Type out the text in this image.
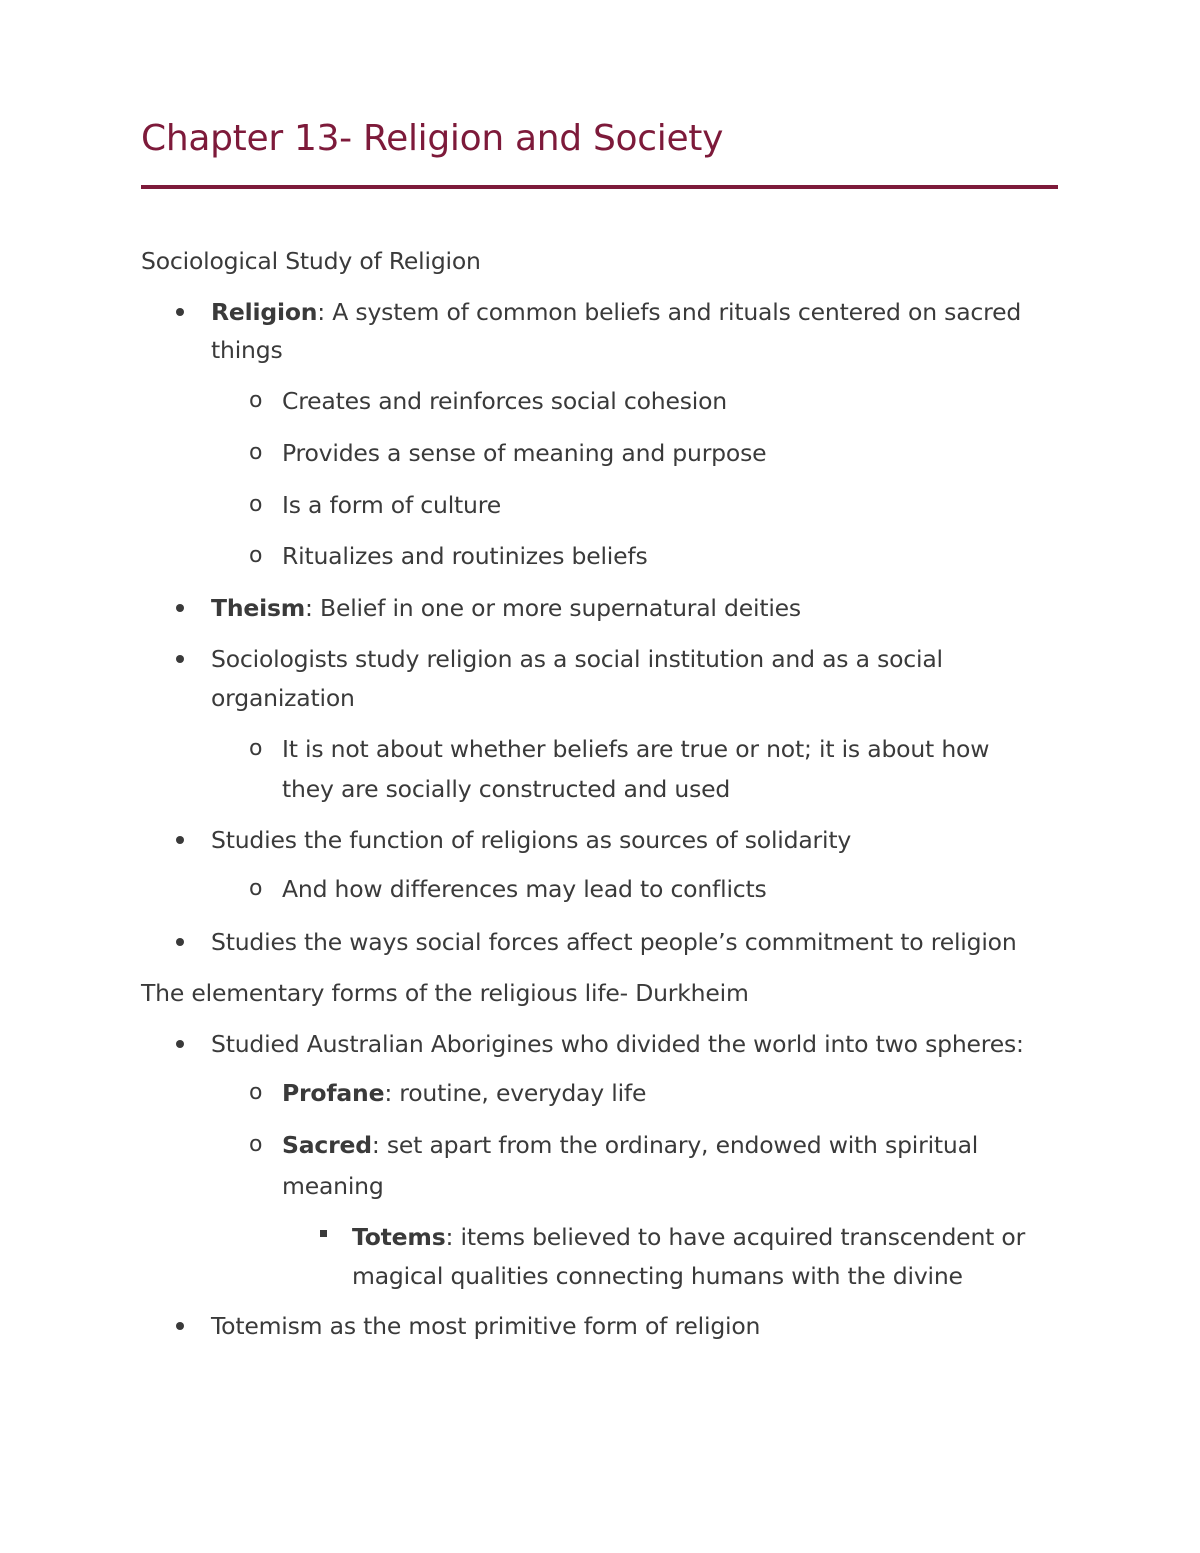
Chapter 13- Religion and Society
Sociological Study of Religion
Religion: A system of common beliefs and rituals centered on sacred
things
o Creates and reinforces social cohesion
o Provides a sense of meaning and purpose
o Is a form of culture
o Ritualizes and routinizes beliefs
Theism: Belief in one or more supernatural deities
Sociologists study religion as a social institution and as a social
organization
o It is not about whether beliefs are true or not; it is about how
they are socially constructed and used
Studies the function of religions as sources of solidarity
o And how differences may lead to conflicts
Studies the ways social forces affect people’s commitment to religion
The elementary forms of the religious life- Durkheim
Studied Australian Aborigines who divided the world into two spheres:
o Profane: routine, everyday life
o Sacred: set apart from the ordinary, endowed with spiritual
meaning
Totems: items believed to have acquired transcendent or
magical qualities connecting humans with the divine
Totemism as the most primitive form of religion
